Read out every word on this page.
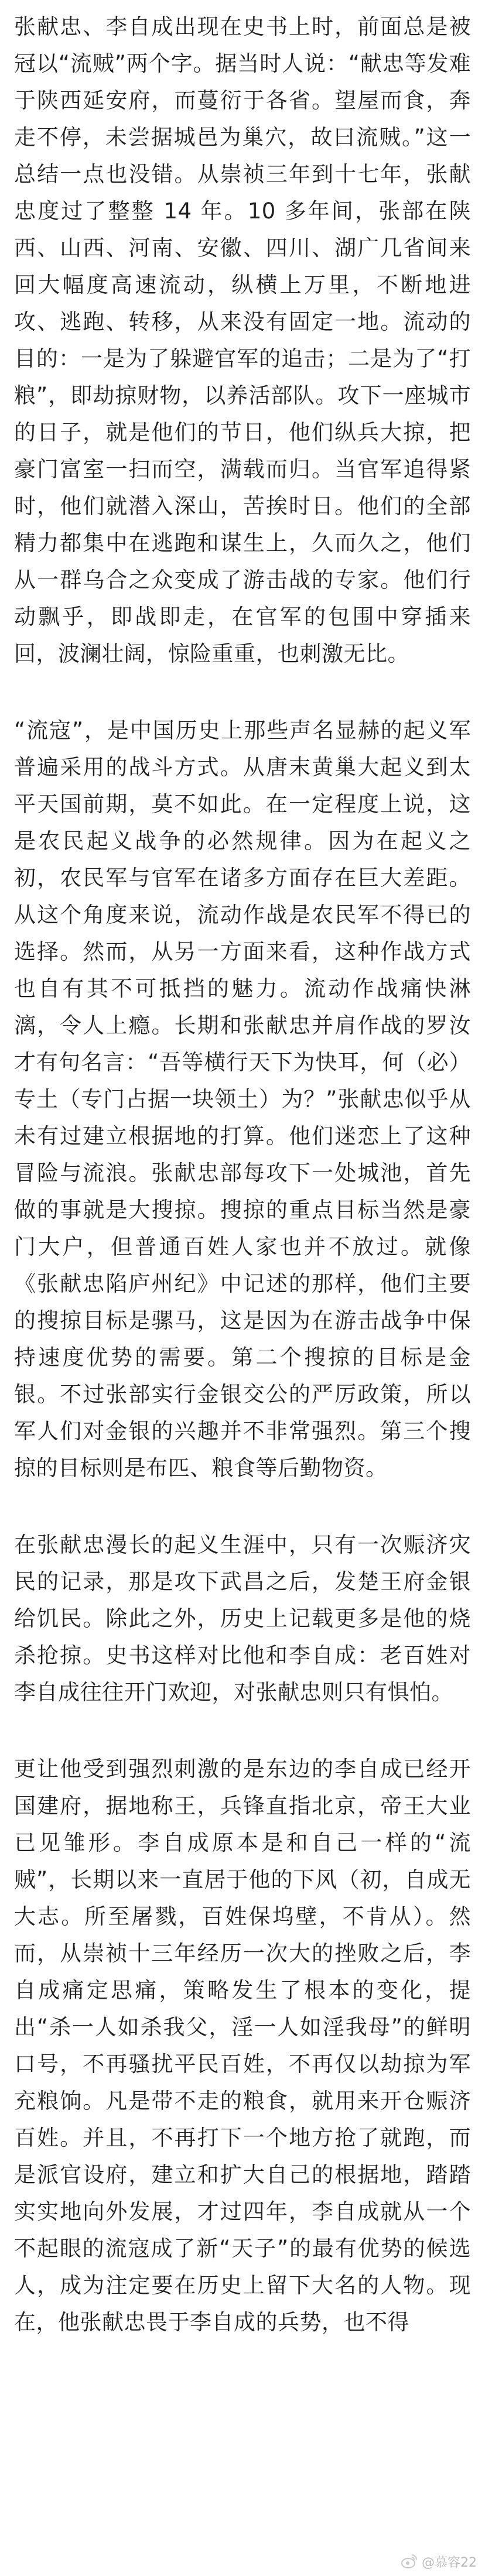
张献忠、李自成出现在史书上时，前面总是被冠以“流贼”两个字。据当时人说：“献忠等发难于陕西延安府，而蔓衍于各省。望屋而食，奔走不停，未尝据城邑为巢穴，故曰流贼。”这一总结一点也没错。从崇祯三年到十七年，张献忠度过了整整 14 年。10 多年间，张部在陕西、山西、河南、安徽、四川、湖广几省间来回大幅度高速流动，纵横上万里，不断地进攻、逃跑、转移，从来没有固定一地。流动的目的：一是为了躲避官军的追击；二是为了“打粮”，即劫掠财物，以养活部队。攻下一座城市的日子，就是他们的节日，他们纵兵大掠，把豪门富室一扫而空，满载而归。当官军追得紧时，他们就潜入深山，苦挨时日。他们的全部精力都集中在逃跑和谋生上，久而久之，他们从一群乌合之众变成了游击战的专家。他们行动飘乎，即战即走，在官军的包围中穿插来回，波澜壮阔，惊险重重，也刺激无比。

“流寇”，是中国历史上那些声名显赫的起义军普遍采用的战斗方式。从唐末黄巢大起义到太平天国前期，莫不如此。在一定程度上说，这是农民起义战争的必然规律。因为在起义之初，农民军与官军在诸多方面存在巨大差距。从这个角度来说，流动作战是农民军不得已的选择。然而，从另一方面来看，这种作战方式也自有其不可抵挡的魅力。流动作战痛快淋漓，令人上瘾。长期和张献忠并肩作战的罗汝才有句名言：“吾等横行天下为快耳，何（必）专土（专门占据一块领土）为？”张献忠似乎从未有过建立根据地的打算。他们迷恋上了这种冒险与流浪。张献忠部每攻下一处城池，首先做的事就是大搜掠。搜掠的重点目标当然是豪门大户，但普通百姓人家也并不放过。就像《张献忠陷庐州纪》中记述的那样，他们主要的搜掠目标是骡马，这是因为在游击战争中保持速度优势的需要。第二个搜掠的目标是金银。不过张部实行金银交公的严厉政策，所以军人们对金银的兴趣并不非常强烈。第三个搜掠的目标则是布匹、粮食等后勤物资。

在张献忠漫长的起义生涯中，只有一次赈济灾民的记录，那是攻下武昌之后，发楚王府金银给饥民。除此之外，历史上记载更多是他的烧杀抢掠。史书这样对比他和李自成：老百姓对李自成往往开门欢迎，对张献忠则只有惧怕。

更让他受到强烈刺激的是东边的李自成已经开国建府，据地称王，兵锋直指北京，帝王大业已见雏形。李自成原本是和自己一样的“流贼”，长期以来一直居于他的下风（初，自成无大志。所至屠戮，百姓保坞壁，不肯从）。然而，从崇祯十三年经历一次大的挫败之后，李自成痛定思痛，策略发生了根本的变化，提出“杀一人如杀我父，淫一人如淫我母”的鲜明口号，不再骚扰平民百姓，不再仅以劫掠为军充粮饷。凡是带不走的粮食，就用来开仓赈济百姓。并且，不再打下一个地方抢了就跑，而是派官设府，建立和扩大自己的根据地，踏踏实实地向外发展，才过四年，李自成就从一个不起眼的流寇成了新“天子”的最有优势的候选人，成为注定要在历史上留下大名的人物。现在，他张献忠畏于李自成的兵势，也不得

@慕容22
